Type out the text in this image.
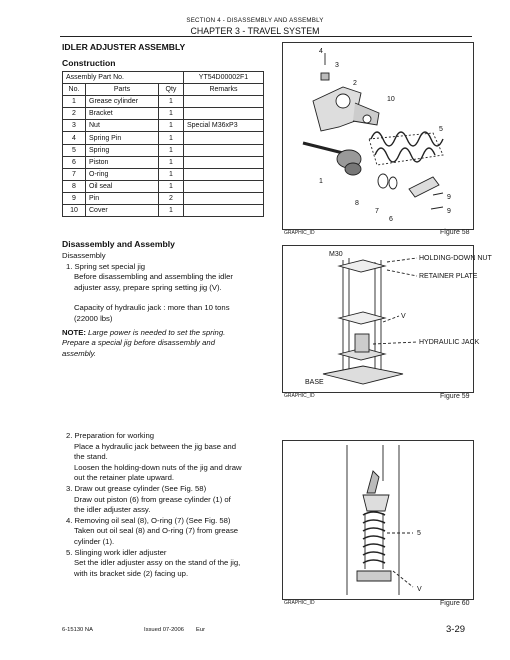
SECTION 4 - DISASSEMBLY AND ASSEMBLY
CHAPTER 3 - TRAVEL SYSTEM
IDLER ADJUSTER ASSEMBLY
Construction
Assembly Part No.			YT54D00002F1
No.	Parts	Qty	Remarks
1	Grease cylinder	1	
2	Bracket	1	
3	Nut	1	Special M36xP3
4	Spring Pin	1	
5	Spring	1	
6	Piston	1	
7	O-ring	1	
8	Oil seal	1	
9	Pin	2	
10	Cover	1	
Disassembly and Assembly
Disassembly
1. Spring set special jig
Before disassembling and assembling the idler
adjuster assy, prepare spring setting jig (V).
Capacity of hydraulic jack : more than 10 tons
(22000 lbs)
NOTE: Large power is needed to set the spring.
Prepare a special jig before disassembly and
assembly.
2. Preparation for working
Place a hydraulic jack between the jig base and
the stand.
Loosen the holding-down nuts of the jig and draw
out the retainer plate upward.
3. Draw out grease cylinder (See Fig. 58)
Draw out piston (6) from grease cylinder (1) of
the idler adjuster assy.
4. Removing oil seal (8), O-ring (7) (See Fig. 58)
Taken out oil seal (8) and O-ring (7) from grease
cylinder (1).
5. Slinging work idler adjuster
Set the idler adjuster assy on the stand of the jig,
with its bracket side (2) facing up.
4
3
2
10
5
1
8
7
6
9
9
GRAPHIC_ID	Figure 58
M30
HOLDING-DOWN NUT
RETAINER PLATE
V
HYDRAULIC JACK
BASE
GRAPHIC_ID	Figure 59
5
V
GRAPHIC_ID	Figure 60
6-15130 NA	Issued 07-2006 Eur	3-29
